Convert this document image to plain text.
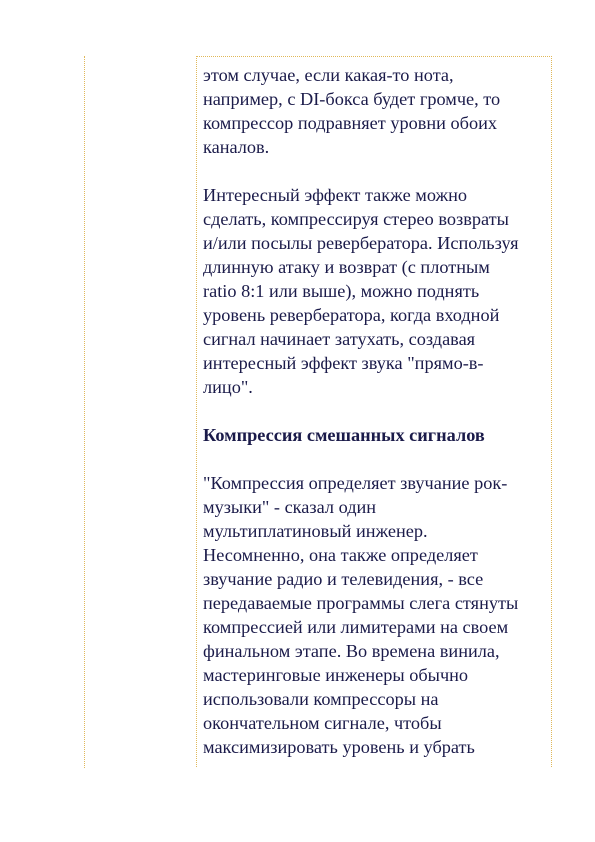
этом случае, если какая-то нота,
например, с DI-бокса будет громче, то
компрессор подравняет уровни обоих
каналов.

Интересный эффект также можно
сделать, компрессируя стерео возвраты
и/или посылы ревербератора. Используя
длинную атаку и возврат (с плотным
ratio 8:1 или выше), можно поднять
уровень ревербератора, когда входной
сигнал начинает затухать, создавая
интересный эффект звука "прямо-в-
лицо".

Компрессия смешанных сигналов

"Компрессия определяет звучание рок-
музыки" - сказал один
мультиплатиновый инженер.
Несомненно, она также определяет
звучание радио и телевидения, - все
передаваемые программы слега стянуты
компрессией или лимитерами на своем
финальном этапе. Во времена винила,
мастеринговые инженеры обычно
использовали компрессоры на
окончательном сигнале, чтобы
максимизировать уровень и убрать
